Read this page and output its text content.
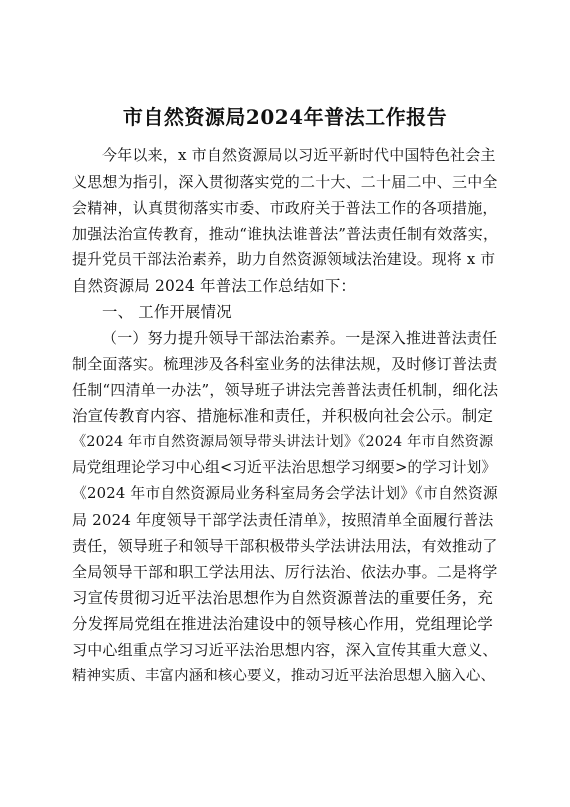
市自然资源局2024年普法工作报告
今年以来，x 市自然资源局以习近平新时代中国特色社会主
义思想为指引，深入贯彻落实党的二十大、二十届二中、三中全
会精神，认真贯彻落实市委、市政府关于普法工作的各项措施，
加强法治宣传教育，推动“谁执法谁普法”普法责任制有效落实，
提升党员干部法治素养，助力自然资源领域法治建设。现将 x 市
自然资源局 2024 年普法工作总结如下：
一、 工作开展情况
（一）努力提升领导干部法治素养。一是深入推进普法责任
制全面落实。梳理涉及各科室业务的法律法规，及时修订普法责
任制“四清单一办法”，领导班子讲法完善普法责任机制，细化法
治宣传教育内容、措施标准和责任，并积极向社会公示。制定
《2024 年市自然资源局领导带头讲法计划》《2024 年市自然资源
局党组理论学习中心组<习近平法治思想学习纲要>的学习计划》
《2024 年市自然资源局业务科室局务会学法计划》《市自然资源
局 2024 年度领导干部学法责任清单》，按照清单全面履行普法
责任，领导班子和领导干部积极带头学法讲法用法，有效推动了
全局领导干部和职工学法用法、厉行法治、依法办事。二是将学
习宣传贯彻习近平法治思想作为自然资源普法的重要任务，充
分发挥局党组在推进法治建设中的领导核心作用，党组理论学
习中心组重点学习习近平法治思想内容，深入宣传其重大意义、
精神实质、丰富内涵和核心要义，推动习近平法治思想入脑入心、
